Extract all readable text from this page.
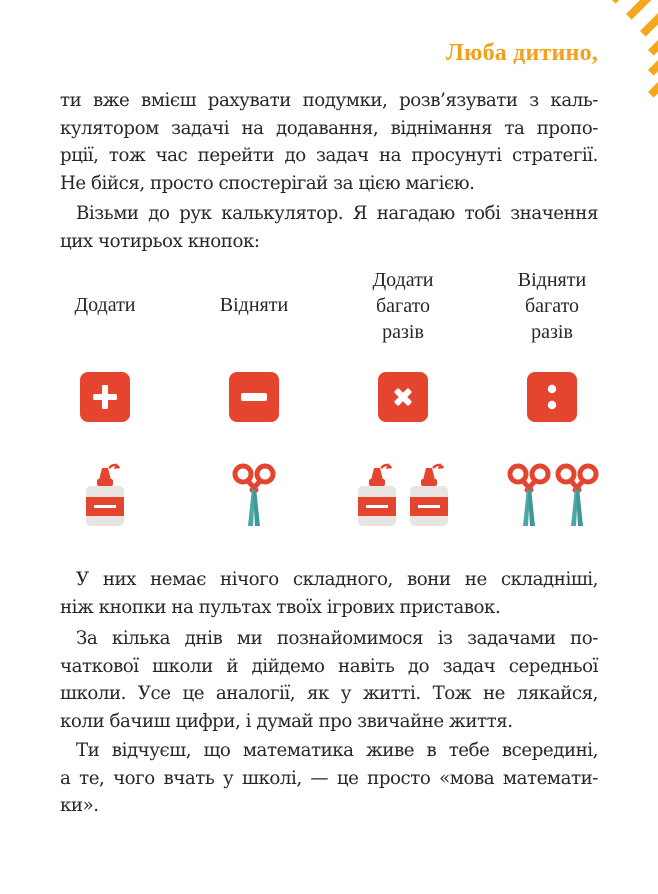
Люба дитино,

ти вже вмієш рахувати подумки, розв’язувати з каль-
кулятором задачі на додавання, віднімання та пропо-
рції, тож час перейти до задач на просунуті стратегії.
Не бійся, просто спостерігай за цією магією.

Візьми до рук калькулятор. Я нагадаю тобі значення
цих чотирьох кнопок:

Додати	Відняти
Додати
багато
разів
Відняти
багато
разів

У них немає нічого складного, вони не складніші,
ніж кнопки на пультах твоїх ігрових приставок.

За кілька днів ми познайомимося із задачами по-
чаткової школи й дійдемо навіть до задач середньої
школи. Усе це аналогії, як у житті. Тож не лякайся,
коли бачиш цифри, і думай про звичайне життя.

Ти відчуєш, що математика живе в тебе всередині,
а те, чого вчать у школі, — це просто «мова математи-
ки».
